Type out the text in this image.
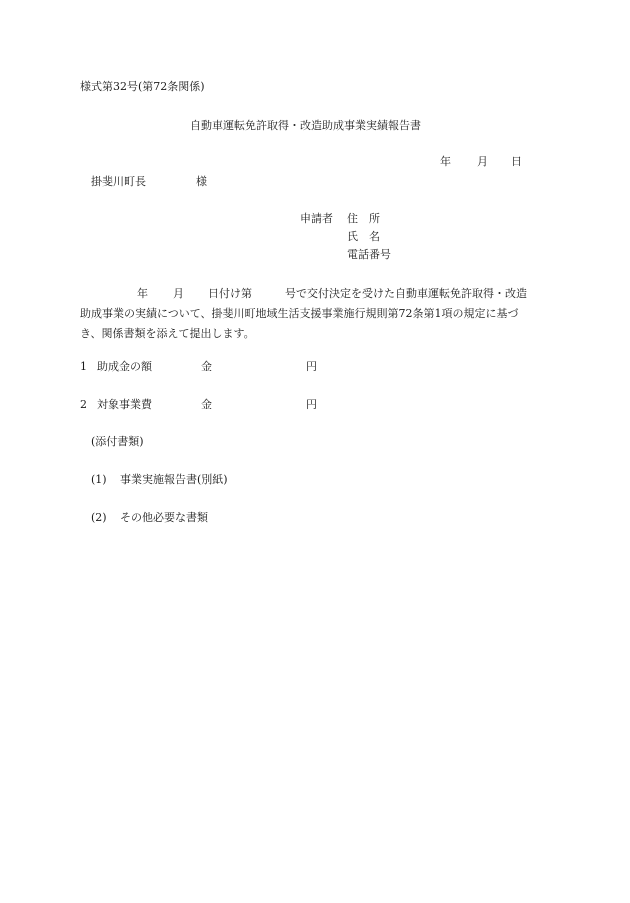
様式第32号(第72条関係)
自動車運転免許取得・改造助成事業実績報告書
年 月 日
掛斐川町長	様
申請者 住　所
氏　名
電話番号
年 月 日付け第	号で交付決定を受けた自動車運転免許取得・改造
助成事業の実績について、掛斐川町地域生活支援事業施行規則第72条第1項の規定に基づ
き、関係書類を添えて提出します。
1 助成金の額	金	円
2 対象事業費	金	円
(添付書類)
(1) 事業実施報告書(別紙)
(2) その他必要な書類
